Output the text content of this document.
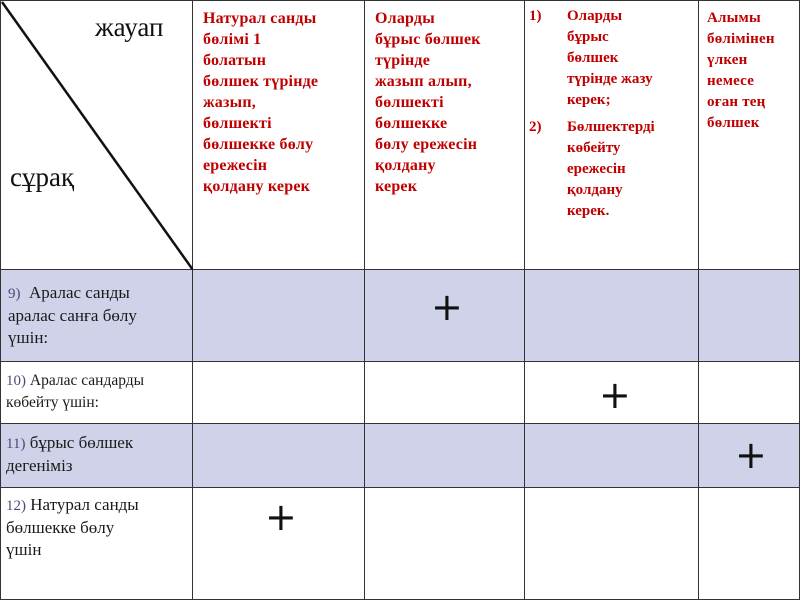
жауап
сұрақ
Натурал санды
бөлімі 1
болатын
бөлшек түрінде
жазып,
бөлшекті
бөлшекке бөлу
ережесін
қолдану керек
Оларды
бұрыс бөлшек
түрінде
жазып алып,
бөлшекті
бөлшекке
бөлу ережесін
қолдану
керек
1) Оларды
бұрыс
бөлшек
түрінде жазу
керек;
2) Бөлшектерді
көбейту
ережесін
қолдану
керек.
Алымы
бөлімінен
үлкен
немесе
оған тең
бөлшек
9) Аралас санды
аралас санға бөлу
үшін:
+
10) Аралас сандарды
көбейту үшін:	+
11) бұрыс бөлшек
дегеніміз	+
12) Натурал санды
бөлшекке бөлу
үшін
+
